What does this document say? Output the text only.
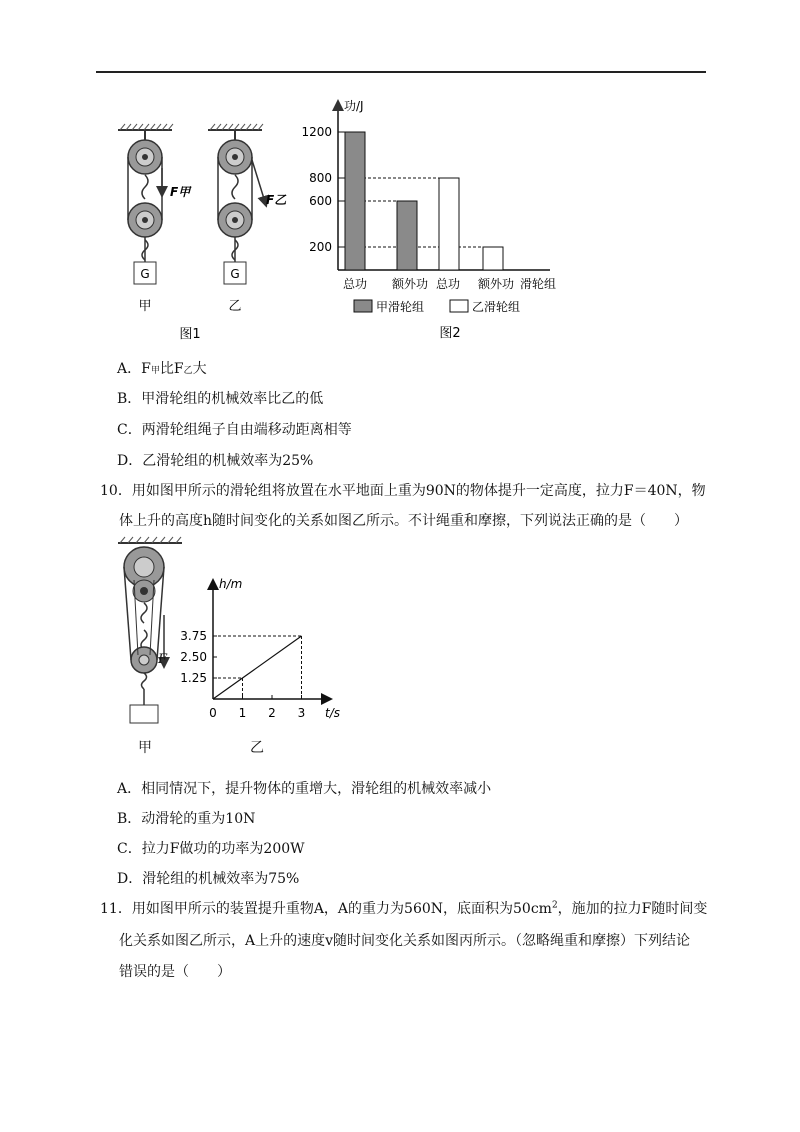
G
F甲
G
F乙
甲	乙
图1
功/J
200
600
800
1200
总功 额外功 总功 额外功 滑轮组
甲滑轮组	乙滑轮组
图2
A．F甲比F乙大
B．甲滑轮组的机械效率比乙的低
C．两滑轮组绳子自由端移动距离相等
D．乙滑轮组的机械效率为25%
10．用如图甲所示的滑轮组将放置在水平地面上重为90N的物体提升一定高度，拉力F＝40N，物
体上升的高度h随时间变化的关系如图乙所示。不计绳重和摩擦，下列说法正确的是（　　）
F
甲	乙
h/m
t/s
0 1 2 3
3.75
2.50
1.25
A．相同情况下，提升物体的重增大，滑轮组的机械效率减小
B．动滑轮的重为10N
C．拉力F做功的功率为200W
D．滑轮组的机械效率为75%
11．用如图甲所示的装置提升重物A，A的重力为560N，底面积为$50cm^2$，施加的拉力F随时间变
化关系如图乙所示，A上升的速度v随时间变化关系如图丙所示。（忽略绳重和摩擦）下列结论
错误的是（　　）
